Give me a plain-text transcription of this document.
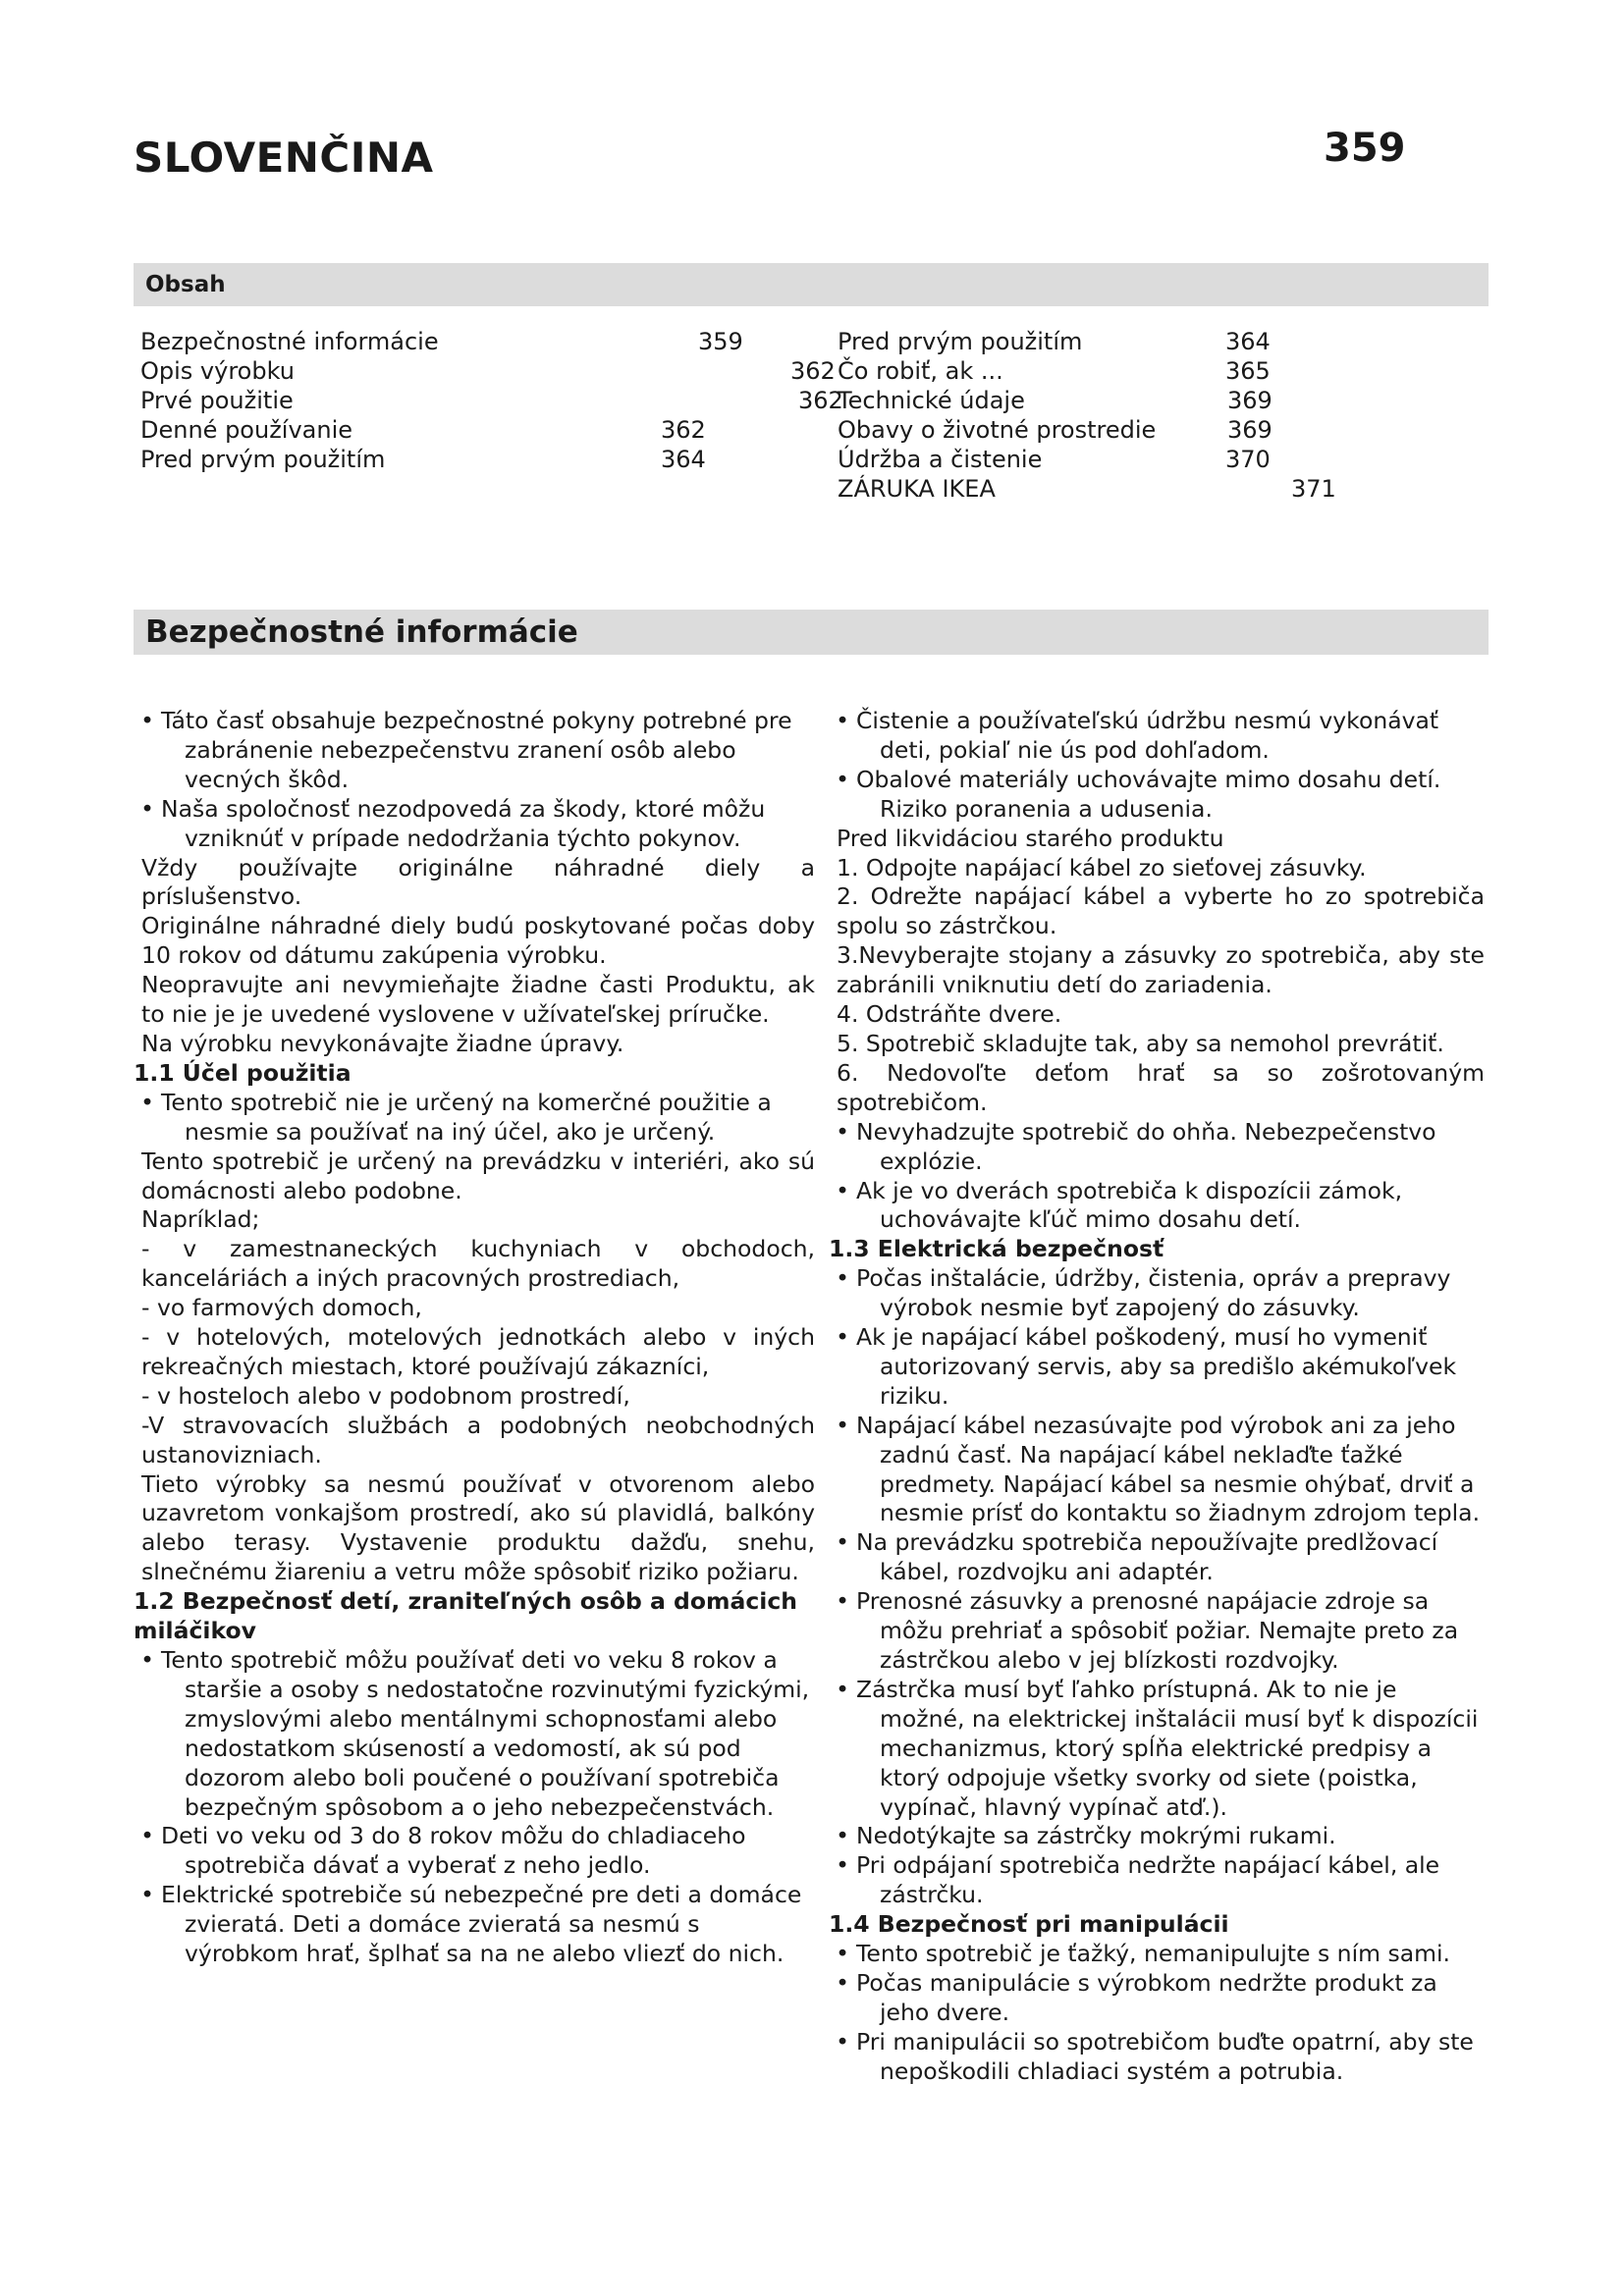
SLOVENČINA	359
Obsah
Bezpečnostné informácie	359
Opis výrobku	362
Prvé použitie	362
Denné používanie	362
Pred prvým použitím	364
Pred prvým použitím	364
Čo robiť, ak ...	365
Technické údaje	369
Obavy o životné prostredie	369
Údržba a čistenie	370
ZÁRUKA IKEA	371
Bezpečnostné informácie
• Táto časť obsahuje bezpečnostné pokyny potrebné pre zabránenie nebezpečenstvu zranení osôb alebo vecných škôd.
• Naša spoločnosť nezodpovedá za škody, ktoré môžu vzniknúť v prípade nedodržania týchto pokynov.
Vždy používajte originálne náhradné diely a príslušenstvo.
Originálne náhradné diely budú poskytované počas doby 10 rokov od dátumu zakúpenia výrobku.
Neopravujte ani nevymieňajte žiadne časti Produktu, ak to nie je je uvedené vyslovene v užívateľskej príručke.
Na výrobku nevykonávajte žiadne úpravy.
1.1 Účel použitia
• Tento spotrebič nie je určený na komerčné použitie a nesmie sa používať na iný účel, ako je určený.
Tento spotrebič je určený na prevádzku v interiéri, ako sú domácnosti alebo podobne.
Napríklad;
- v zamestnaneckých kuchyniach v obchodoch, kanceláriách a iných pracovných prostrediach,
- vo farmových domoch,
- v hotelových, motelových jednotkách alebo v iných rekreačných miestach, ktoré používajú zákazníci,
- v hosteloch alebo v podobnom prostredí,
-V stravovacích službách a podobných neobchodných ustanovizniach.
Tieto výrobky sa nesmú používať v otvorenom alebo uzavretom vonkajšom prostredí, ako sú plavidlá, balkóny alebo terasy. Vystavenie produktu dažďu, snehu, slnečnému žiareniu a vetru môže spôsobiť riziko požiaru.
1.2 Bezpečnosť detí, zraniteľných osôb a domácich miláčikov
• Tento spotrebič môžu používať deti vo veku 8 rokov a staršie a osoby s nedostatočne rozvinutými fyzickými, zmyslovými alebo mentálnymi schopnosťami alebo nedostatkom skúseností a vedomostí, ak sú pod dozorom alebo boli poučené o používaní spotrebiča bezpečným spôsobom a o jeho nebezpečenstvách.
• Deti vo veku od 3 do 8 rokov môžu do chladiaceho spotrebiča dávať a vyberať z neho jedlo.
• Elektrické spotrebiče sú nebezpečné pre deti a domáce zvieratá. Deti a domáce zvieratá sa nesmú s výrobkom hrať, šplhať sa na ne alebo vliezť do nich.
• Čistenie a používateľskú údržbu nesmú vykonávať deti, pokiaľ nie ús pod dohľadom.
• Obalové materiály uchovávajte mimo dosahu detí. Riziko poranenia a udusenia.
Pred likvidáciou starého produktu
1. Odpojte napájací kábel zo sieťovej zásuvky.
2. Odrežte napájací kábel a vyberte ho zo spotrebiča spolu so zástrčkou.
3.Nevyberajte stojany a zásuvky zo spotrebiča, aby ste zabránili vniknutiu detí do zariadenia.
4. Odstráňte dvere.
5. Spotrebič skladujte tak, aby sa nemohol prevrátiť.
6. Nedovoľte deťom hrať sa so zošrotovaným spotrebičom.
• Nevyhadzujte spotrebič do ohňa. Nebezpečenstvo explózie.
• Ak je vo dverách spotrebiča k dispozícii zámok, uchovávajte kľúč mimo dosahu detí.
1.3 Elektrická bezpečnosť
• Počas inštalácie, údržby, čistenia, opráv a prepravy výrobok nesmie byť zapojený do zásuvky.
• Ak je napájací kábel poškodený, musí ho vymeniť autorizovaný servis, aby sa predišlo akémukoľvek riziku.
• Napájací kábel nezasúvajte pod výrobok ani za jeho zadnú časť. Na napájací kábel neklaďte ťažké predmety. Napájací kábel sa nesmie ohýbať, drviť a nesmie prísť do kontaktu so žiadnym zdrojom tepla.
• Na prevádzku spotrebiča nepoužívajte predlžovací kábel, rozdvojku ani adaptér.
• Prenosné zásuvky a prenosné napájacie zdroje sa môžu prehriať a spôsobiť požiar. Nemajte preto za zástrčkou alebo v jej blízkosti rozdvojky.
• Zástrčka musí byť ľahko prístupná. Ak to nie je možné, na elektrickej inštalácii musí byť k dispozícii mechanizmus, ktorý spĺňa elektrické predpisy a ktorý odpojuje všetky svorky od siete (poistka, vypínač, hlavný vypínač atď.).
• Nedotýkajte sa zástrčky mokrými rukami.
• Pri odpájaní spotrebiča nedržte napájací kábel, ale zástrčku.
1.4 Bezpečnosť pri manipulácii
• Tento spotrebič je ťažký, nemanipulujte s ním sami.
• Počas manipulácie s výrobkom nedržte produkt za jeho dvere.
• Pri manipulácii so spotrebičom buďte opatrní, aby ste nepoškodili chladiaci systém a potrubia.
